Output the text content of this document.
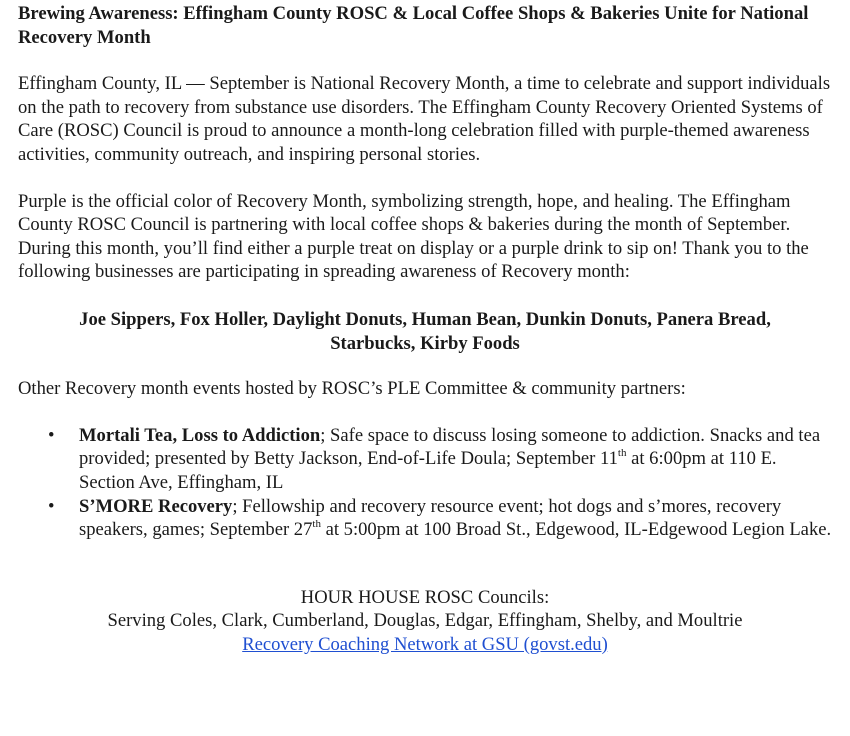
Brewing Awareness: Effingham County ROSC & Local Coffee Shops & Bakeries Unite for National Recovery Month
Effingham County, IL — September is National Recovery Month, a time to celebrate and support individuals on the path to recovery from substance use disorders. The Effingham County Recovery Oriented Systems of Care (ROSC) Council is proud to announce a month-long celebration filled with purple-themed awareness activities, community outreach, and inspiring personal stories.
Purple is the official color of Recovery Month, symbolizing strength, hope, and healing. The Effingham County ROSC Council is partnering with local coffee shops & bakeries during the month of September. During this month, you’ll find either a purple treat on display or a purple drink to sip on! Thank you to the following businesses are participating in spreading awareness of Recovery month:
Joe Sippers, Fox Holler, Daylight Donuts, Human Bean, Dunkin Donuts, Panera Bread,
Starbucks, Kirby Foods
Other Recovery month events hosted by ROSC’s PLE Committee & community partners:
• Mortali Tea, Loss to Addiction; Safe space to discuss losing someone to addiction. Snacks and tea provided; presented by Betty Jackson, End-of-Life Doula; September 11th at 6:00pm at 110 E. Section Ave, Effingham, IL
• S’MORE Recovery; Fellowship and recovery resource event; hot dogs and s’mores, recovery speakers, games; September 27th at 5:00pm at 100 Broad St., Edgewood, IL-Edgewood Legion Lake.
HOUR HOUSE ROSC Councils:
Serving Coles, Clark, Cumberland, Douglas, Edgar, Effingham, Shelby, and Moultrie
Recovery Coaching Network at GSU (govst.edu)
